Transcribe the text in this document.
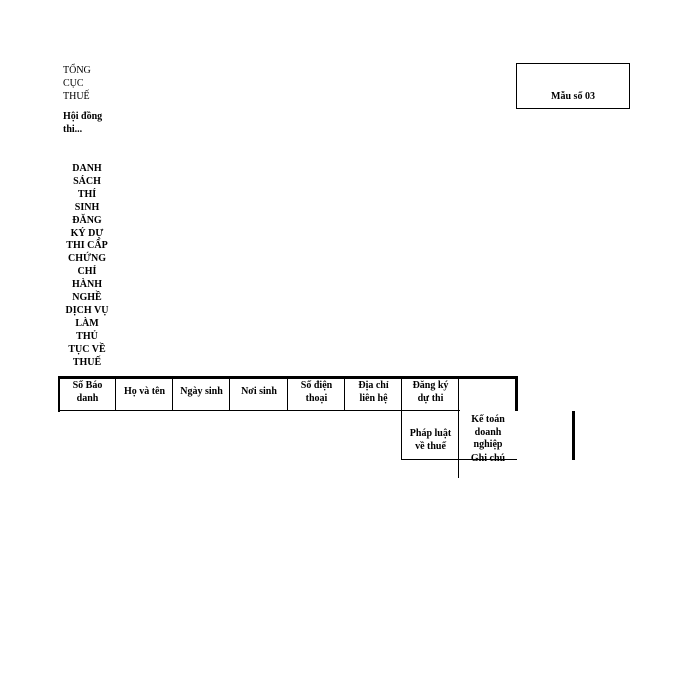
TỔNG
CỤC
THUẾ
Hội đồng
thi...
Mẫu số 03
DANH
SÁCH
THÍ
SINH
ĐĂNG
KÝ DỰ
THI CẤP
CHỨNG
CHỈ
HÀNH
NGHỀ
DỊCH VỤ
LÀM
THỦ
TỤC VỀ
THUẾ
Số Báo
danh
Họ và tên	Ngày sinh	Nơi sinh
Số điện
thoại
Địa chỉ
liên hệ
Đăng ký
dự thi
Pháp luật
về thuế
Kế toán
doanh
nghiệp
Ghi chú
